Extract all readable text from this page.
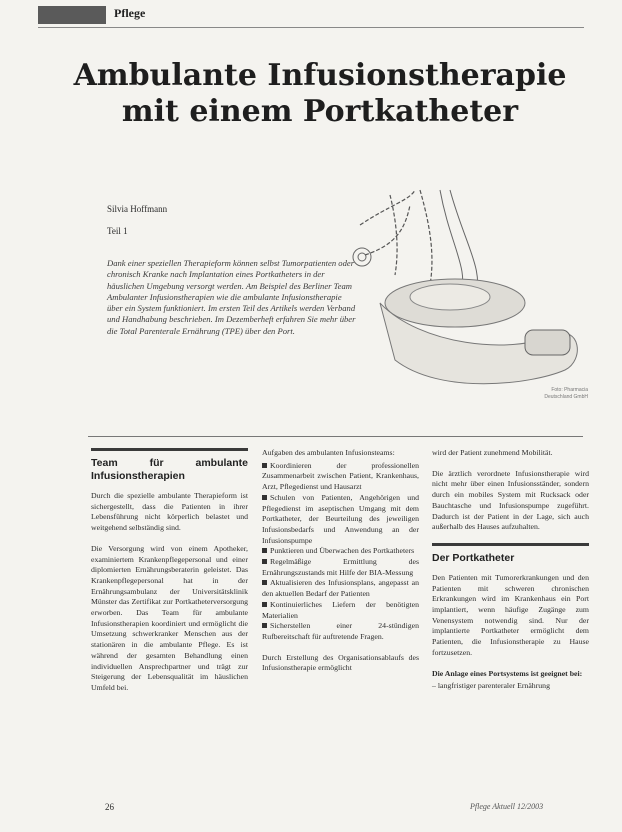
Pflege
Ambulante Infusionstherapie
mit einem Portkatheter
Silvia Hoffmann
Teil 1
Dank einer speziellen Therapieform können selbst Tumorpatienten oder chronisch Kranke nach Implantation eines Portkatheters in der häuslichen Umgebung versorgt werden. Am Beispiel des Berliner Team Ambulanter Infusionstherapien wie die ambulante Infusionstherapie über ein System funktioniert. Im ersten Teil des Artikels werden Verband und Handhabung beschrieben. Im Dezemberheft erfahren Sie mehr über die Total Parenterale Ernährung (TPE) über den Port.
Foto: Pharmacia Deutschland GmbH
Team für ambulante Infusionstherapien

Durch die spezielle ambulante Therapieform ist sichergestellt, dass die Patienten in ihrer Lebensführung nicht körperlich belastet und weitgehend selbständig sind.

Die Versorgung wird von einem Apotheker, examiniertem Krankenpflegepersonal und einer diplomierten Ernährungsberaterin geleistet. Das Krankenpflegepersonal hat in der Ernährungsambulanz der Universitätsklinik Münster das Zertifikat zur Portkatheterversorgung erworben. Das Team für ambulante Infusionstherapien koordiniert und ermöglicht die Umsetzung schwerkranker Menschen aus der stationären in die ambulante Pflege. Es ist während der gesamten Behandlung einen individuellen Ansprechpartner und trägt zur Steigerung der Lebensqualität im häuslichen Umfeld bei.

Aufgaben des ambulanten Infusionsteams:

Koordinieren der professionellen Zusammenarbeit zwischen Patient, Krankenhaus, Arzt, Pflegedienst und Hausarzt
Schulen von Patienten, Angehörigen und Pflegedienst im aseptischen Umgang mit dem Portkatheter, der Beurteilung des jeweiligen Infusionsbedarfs und Anwendung an der Infusionspumpe
Punktieren und Überwachen des Portkatheters
Regelmäßige Ermittlung des Ernährungszustands mit Hilfe der BIA-Messung
Aktualisieren des Infusionsplans, angepasst an den aktuellen Bedarf der Patienten
Kontinuierliches Liefern der benötigten Materialien
Sicherstellen einer 24-stündigen Rufbereitschaft für auftretende Fragen.

Durch Erstellung des Organisationsablaufs des Infusionstherapie ermöglicht

wird der Patient zunehmend Mobilität.

Die ärztlich verordnete Infusionstherapie wird nicht mehr über einen Infusionsständer, sondern durch ein mobiles System mit Rucksack oder Bauchtasche und Infusionspumpe zugeführt. Dadurch ist der Patient in der Lage, sich auch außerhalb des Hauses aufzuhalten.

Der Portkatheter

Den Patienten mit Tumorerkrankungen und den Patienten mit schweren chronischen Erkrankungen wird im Krankenhaus ein Port implantiert, wenn häufige Zugänge zum Venensystem notwendig sind. Nur der implantierte Portkatheter ermöglicht dem Patienten, die Infusionstherapie zu Hause fortzusetzen.

Die Anlage eines Portsystems ist geeignet bei:

– langfristiger parenteraler Ernährung

26	Pflege Aktuell 12/2003
